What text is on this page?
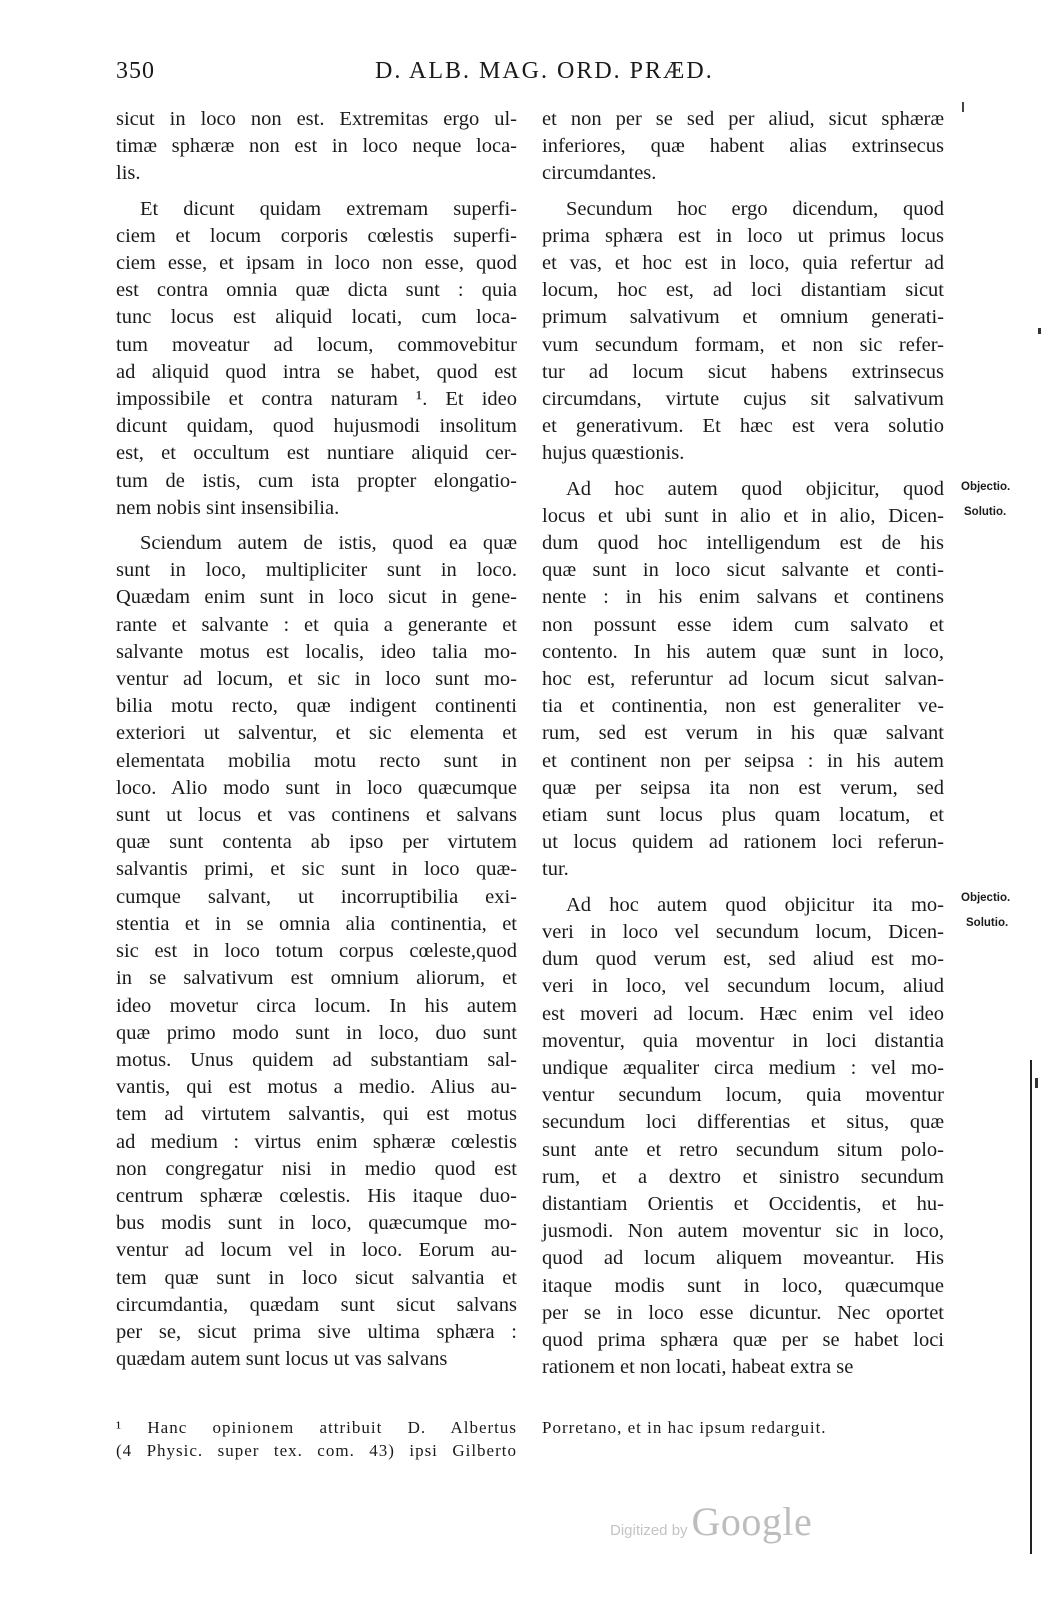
350	D. ALB. MAG. ORD. PRÆD.

sicut in loco non est. Extremitas ergo ul-
timæ sphæræ non est in loco neque loca-
lis.

Et dicunt quidam extremam superfi-
ciem et locum corporis cœlestis superfi-
ciem esse, et ipsam in loco non esse, quod
est contra omnia quæ dicta sunt : quia
tunc locus est aliquid locati, cum loca-
tum moveatur ad locum, commovebitur
ad aliquid quod intra se habet, quod est
impossibile et contra naturam ¹. Et ideo
dicunt quidam, quod hujusmodi insolitum
est, et occultum est nuntiare aliquid cer-
tum de istis, cum ista propter elongatio-
nem nobis sint insensibilia.

Sciendum autem de istis, quod ea quæ
sunt in loco, multipliciter sunt in loco.
Quædam enim sunt in loco sicut in gene-
rante et salvante : et quia a generante et
salvante motus est localis, ideo talia mo-
ventur ad locum, et sic in loco sunt mo-
bilia motu recto, quæ indigent continenti
exteriori ut salventur, et sic elementa et
elementata mobilia motu recto sunt in
loco. Alio modo sunt in loco quæcumque
sunt ut locus et vas continens et salvans
quæ sunt contenta ab ipso per virtutem
salvantis primi, et sic sunt in loco quæ-
cumque salvant, ut incorruptibilia exi-
stentia et in se omnia alia continentia, et
sic est in loco totum corpus cœleste,quod
in se salvativum est omnium aliorum, et
ideo movetur circa locum. In his autem
quæ primo modo sunt in loco, duo sunt
motus. Unus quidem ad substantiam sal-
vantis, qui est motus a medio. Alius au-
tem ad virtutem salvantis, qui est motus
ad medium : virtus enim sphæræ cœlestis
non congregatur nisi in medio quod est
centrum sphæræ cœlestis. His itaque duo-
bus modis sunt in loco, quæcumque mo-
ventur ad locum vel in loco. Eorum au-
tem quæ sunt in loco sicut salvantia et
circumdantia, quædam sunt sicut salvans
per se, sicut prima sive ultima sphæra :
quædam autem sunt locus ut vas salvans

et non per se sed per aliud, sicut sphæræ
inferiores, quæ habent alias extrinsecus
circumdantes.

Secundum hoc ergo dicendum, quod
prima sphæra est in loco ut primus locus
et vas, et hoc est in loco, quia refertur ad
locum, hoc est, ad loci distantiam sicut
primum salvativum et omnium generati-
vum secundum formam, et non sic refer-
tur ad locum sicut habens extrinsecus
circumdans, virtute cujus sit salvativum
et generativum. Et hæc est vera solutio
hujus quæstionis.

Ad hoc autem quod objicitur, quod
locus et ubi sunt in alio et in alio, Dicen-
dum quod hoc intelligendum est de his
quæ sunt in loco sicut salvante et conti-
nente : in his enim salvans et continens
non possunt esse idem cum salvato et
contento. In his autem quæ sunt in loco,
hoc est, referuntur ad locum sicut salvan-
tia et continentia, non est generaliter ve-
rum, sed est verum in his quæ salvant
et continent non per seipsa : in his autem
quæ per seipsa ita non est verum, sed
etiam sunt locus plus quam locatum, et
ut locus quidem ad rationem loci referun-
tur.

Ad hoc autem quod objicitur ita mo-
veri in loco vel secundum locum, Dicen-
dum quod verum est, sed aliud est mo-
veri in loco, vel secundum locum, aliud
est moveri ad locum. Hæc enim vel ideo
moventur, quia moventur in loci distantia
undique æqualiter circa medium : vel mo-
ventur secundum locum, quia moventur
secundum loci differentias et situs, quæ
sunt ante et retro secundum situm polo-
rum, et a dextro et sinistro secundum
distantiam Orientis et Occidentis, et hu-
jusmodi. Non autem moventur sic in loco,
quod ad locum aliquem moveantur. His
itaque modis sunt in loco, quæcumque
per se in loco esse dicuntur. Nec oportet
quod prima sphæra quæ per se habet loci
rationem et non locati, habeat extra se

Objectio.
Solutio.
Objectio.
Solutio.
¹ Hanc opinionem attribuit D. Albertus
(4 Physic. super tex. com. 43) ipsi Gilberto
Porretano, et in hac ipsum redarguit.
Digitized by Google
